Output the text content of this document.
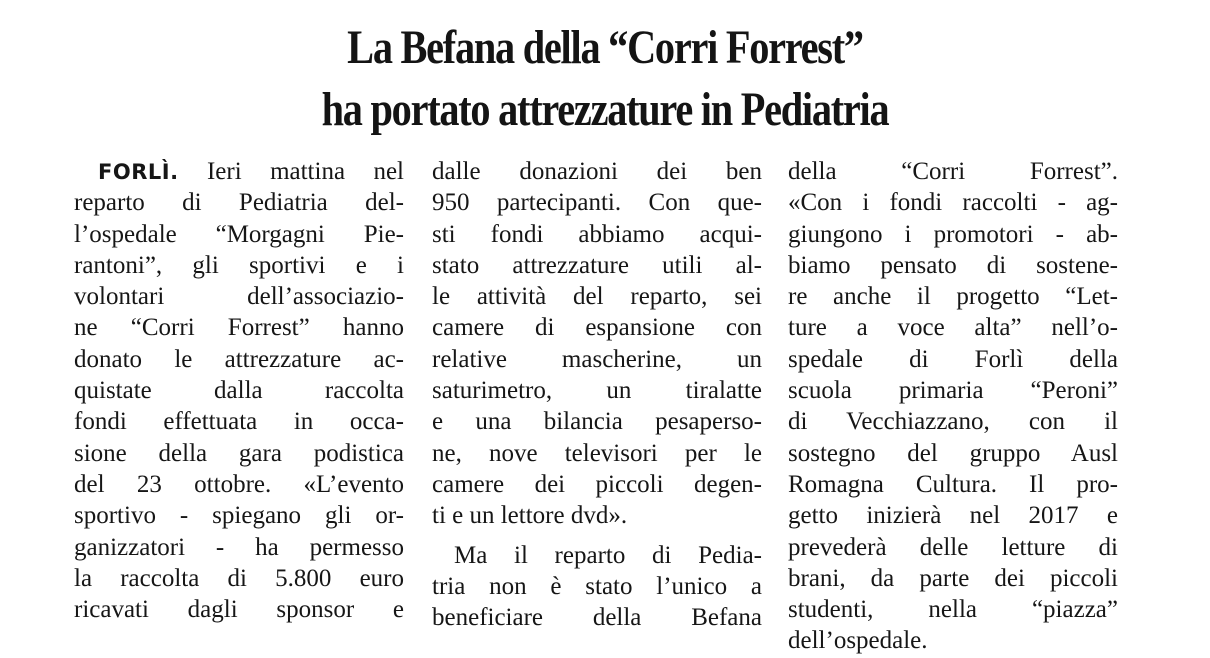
La Befana della “Corri Forrest”
ha portato attrezzature in Pediatria
FORLÌ. Ieri mattina nel
reparto di Pediatria del-
l’ospedale “Morgagni Pie-
rantoni”, gli sportivi e i
volontari dell’associazio-
ne “Corri Forrest” hanno
donato le attrezzature ac-
quistate dalla raccolta
fondi effettuata in occa-
sione della gara podistica
del 23 ottobre. «L’evento
sportivo - spiegano gli or-
ganizzatori - ha permesso
la raccolta di 5.800 euro
ricavati dagli sponsor e
dalle donazioni dei ben
950 partecipanti. Con que-
sti fondi abbiamo acqui-
stato attrezzature utili al-
le attività del reparto, sei
camere di espansione con
relative mascherine, un
saturimetro, un tiralatte
e una bilancia pesaperso-
ne, nove televisori per le
camere dei piccoli degen-
ti e un lettore dvd».
Ma il reparto di Pedia-
tria non è stato l’unico a
beneficiare della Befana
della “Corri Forrest”.
«Con i fondi raccolti - ag-
giungono i promotori - ab-
biamo pensato di sostene-
re anche il progetto “Let-
ture a voce alta” nell’o-
spedale di Forlì della
scuola primaria “Peroni”
di Vecchiazzano, con il
sostegno del gruppo Ausl
Romagna Cultura. Il pro-
getto inizierà nel 2017 e
prevederà delle letture di
brani, da parte dei piccoli
studenti, nella “piazza”
dell’ospedale.
